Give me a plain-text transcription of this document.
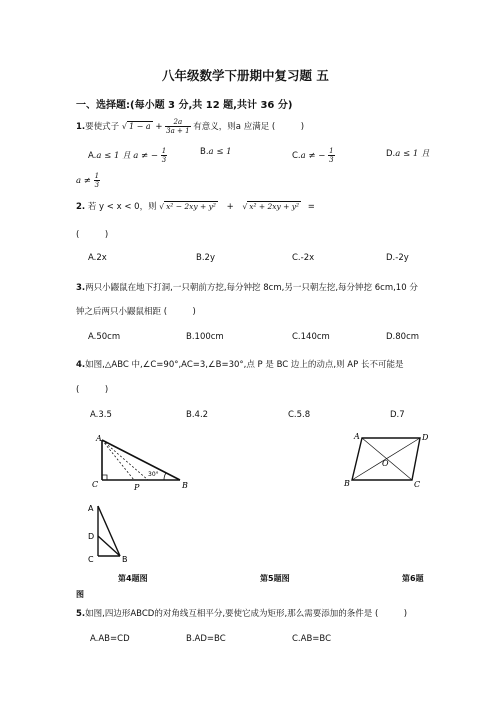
八年级数学下册期中复习题 五
一、选择题:(每小题 3 分,共 12 题,共计 36 分)
1.要使式子 √ $1 - a + \frac{2a}{3a + 1}$ 有意义，则a 应满足 (　　　)
A.a ≤ 1 且 a ≠ − $\frac{1}{3}$	B.a ≤ 1	C.a ≠ − $\frac{1}{3}$	D.a ≤ 1 且
$a \ne \frac{1}{3}$
2. 若 y < x < 0，则 √ x² − 2xy + y² + √ x² + 2xy + y² =
(　　　)
A.2x	B.2y	C.-2x	D.-2y
3.两只小鼹鼠在地下打洞,一只朝前方挖,每分钟挖 8cm,另一只朝左挖,每分钟挖 6cm,10 分
钟之后两只小鼹鼠相距 (　　　)
A.50cm	B.100cm	C.140cm	D.80cm
4.如图,△ABC 中,∠C=90°,AC=3,∠B=30°,点 P 是 BC 边上的动点,则 AP 长不可能是
(　　　)
A.3.5	B.4.2	C.5.8	D.7
A
C	P	B
30°
A	D
B	C
O
A
D
C	B
第4题图	第5题图	第6题
图
5.如图,四边形ABCD的对角线互相平分,要使它成为矩形,那么需要添加的条件是 (　　　)
A.AB=CD	B.AD=BC	C.AB=BC
